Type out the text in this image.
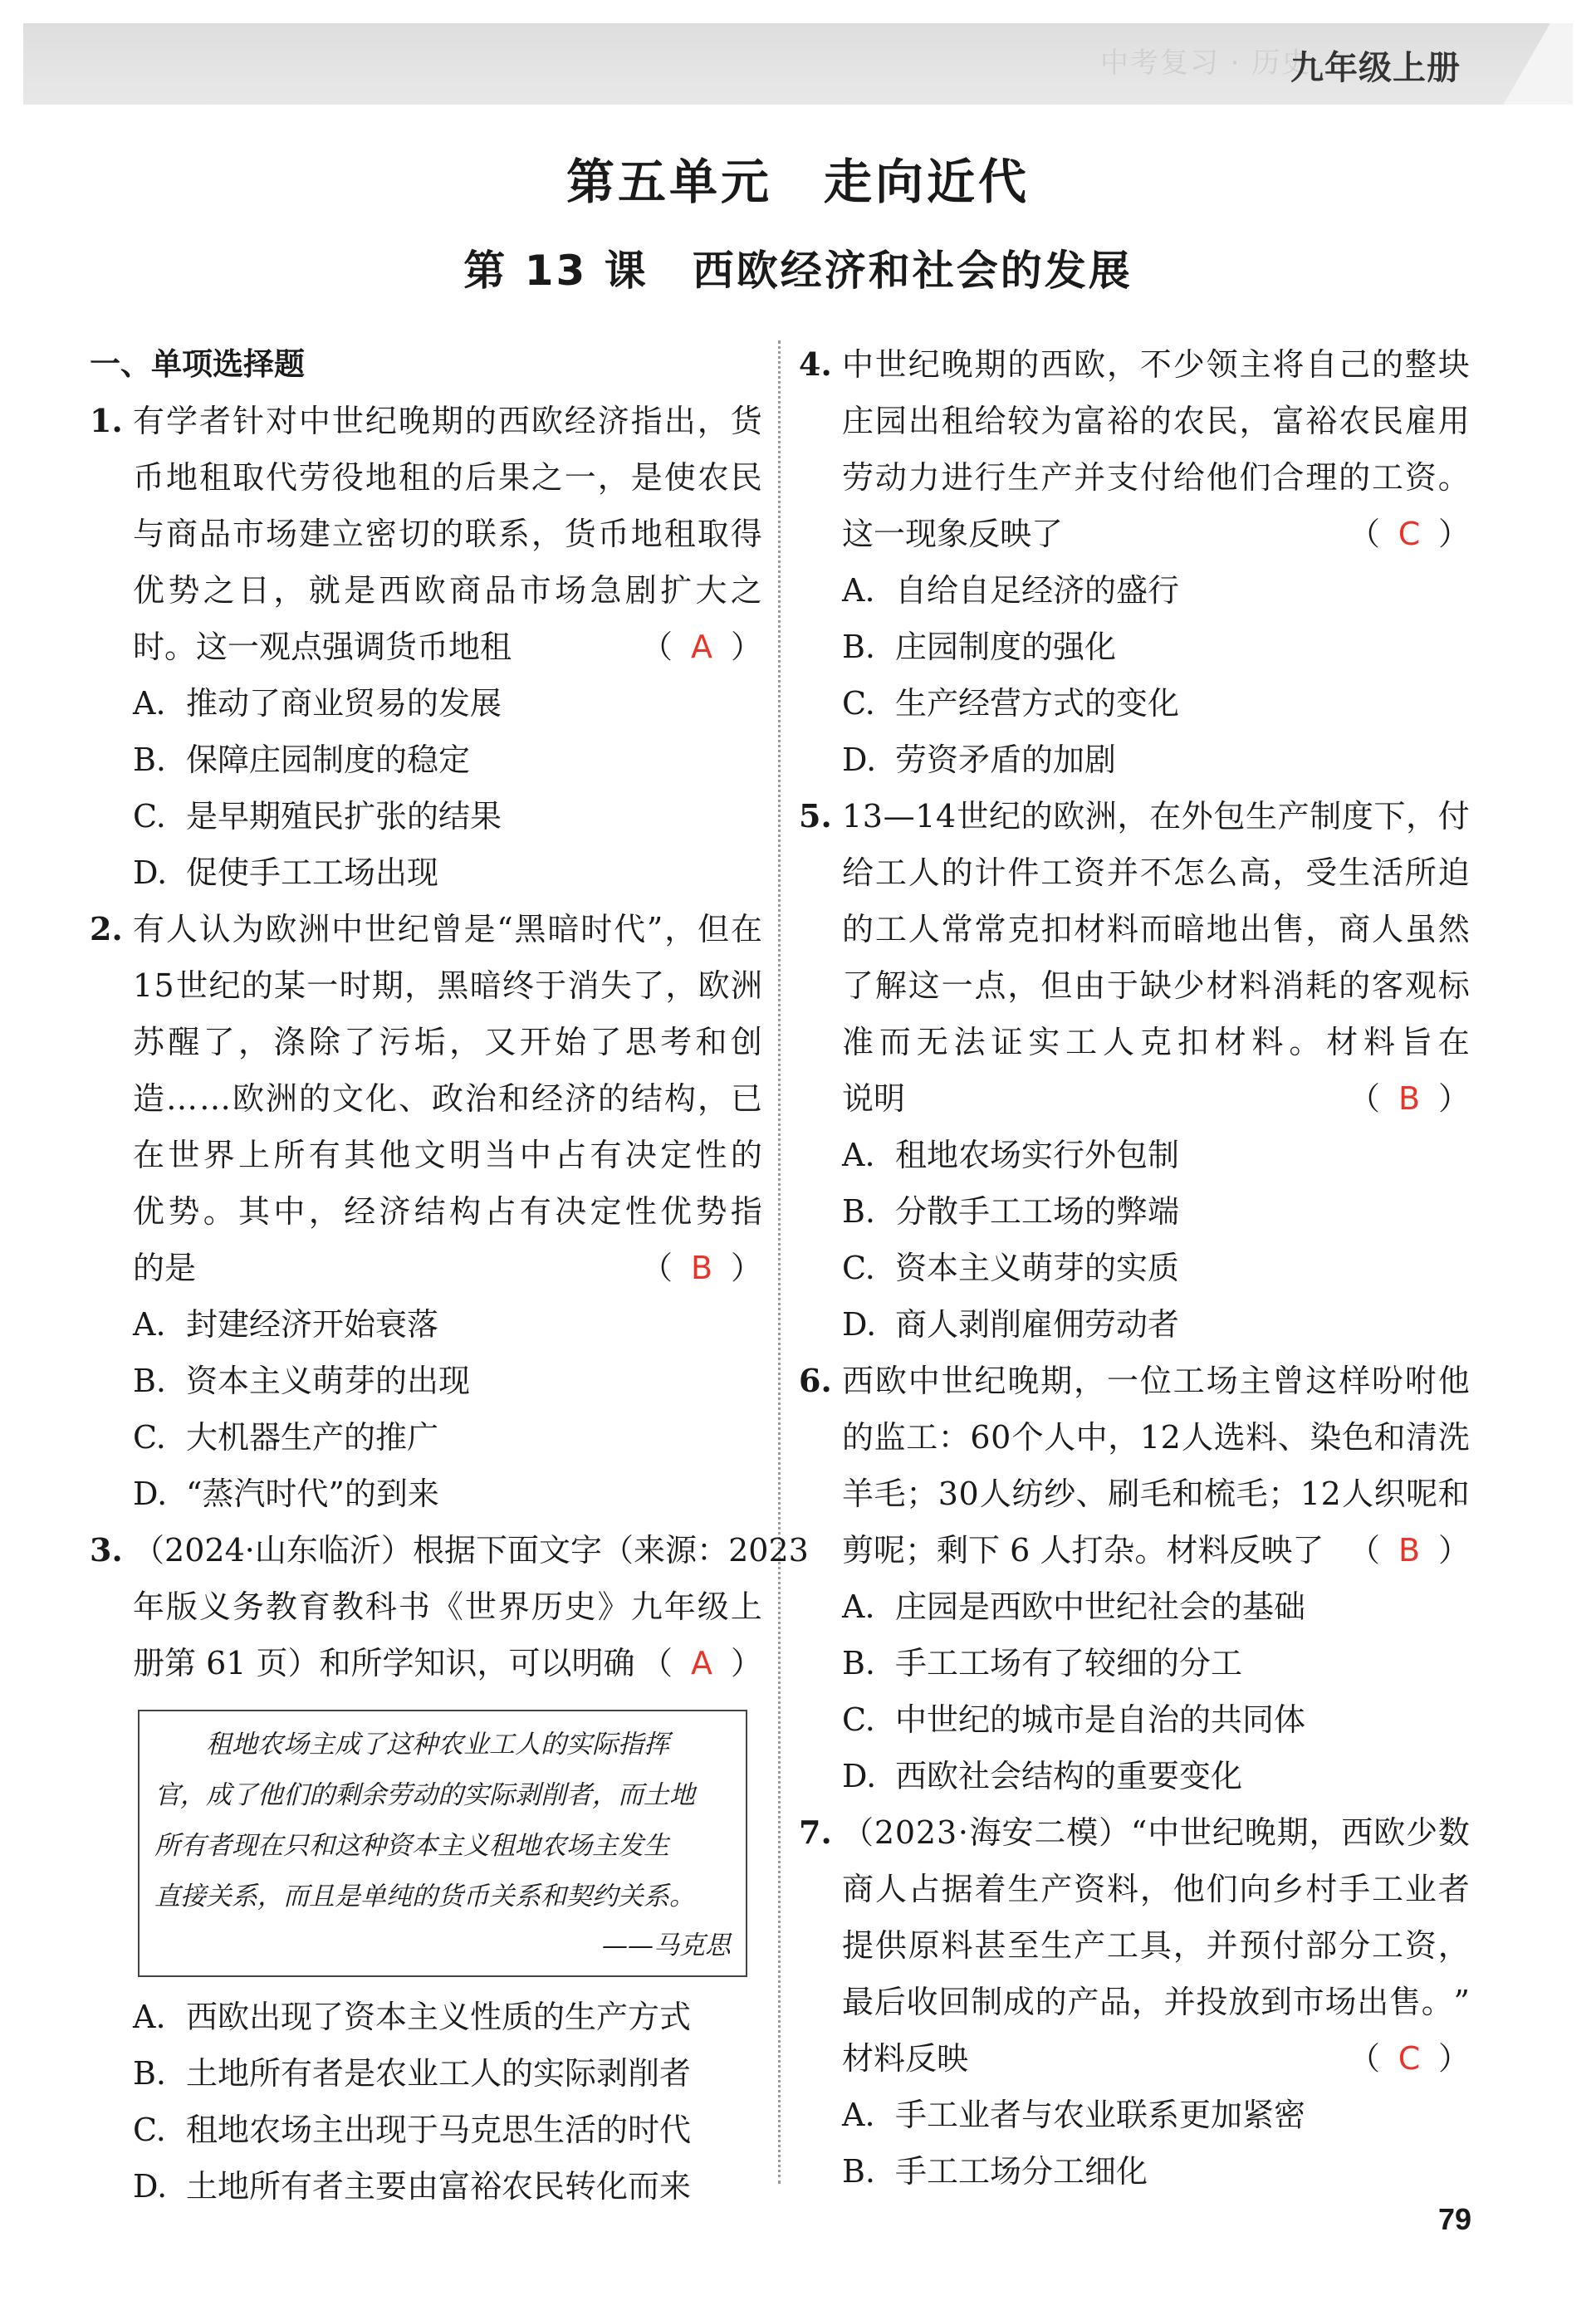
中考复习 · 历史
九年级上册
第五单元　走向近代
第 13 课　西欧经济和社会的发展
一、单项选择题
1. 有 学 者 针 对 中 世 纪 晚 期 的 西 欧 经 济 指 出 ， 货
币 地 租 取 代 劳 役 地 租 的 后 果 之 一 ， 是 使 农 民
与 商 品 市 场 建 立 密 切 的 联 系 ， 货 币 地 租 取 得
优 势 之 日 ， 就 是 西 欧 商 品 市 场 急 剧 扩 大 之
时。这一观点强调货币地租	（ A ）
A. 推动了商业贸易的发展
B. 保障庄园制度的稳定
C. 是早期殖民扩张的结果
D. 促使手工工场出现
2. 有 人 认 为 欧 洲 中 世 纪 曾 是 “ 黑 暗 时 代 ” ， 但 在
1 5 世 纪 的 某 一 时 期 ， 黑 暗 终 于 消 失 了 ， 欧 洲
苏 醒 了 ， 涤 除 了 污 垢 ， 又 开 始 了 思 考 和 创
造 … … 欧 洲 的 文 化 、 政 治 和 经 济 的 结 构 ， 已
在 世 界 上 所 有 其 他 文 明 当 中 占 有 决 定 性 的
优 势 。 其 中 ， 经 济 结 构 占 有 决 定 性 优 势 指
的是	（ B ）
A. 封建经济开始衰落
B. 资本主义萌芽的出现
C. 大机器生产的推广
D. “蒸汽时代”的到来
3. （ 2 0 2 4 · 山 东 临 沂 ） 根 据 下 面 文 字 （ 来 源 ： 2 0 2 3
年 版 义 务 教 育 教 科 书 《 世 界 历 史 》 九 年 级 上
册第 61 页）和所学知识，可以明确 （ A ）
　　租地农场主成了这种农业工人的实际指挥
官，成了他们的剩余劳动的实际剥削者，而土地
所有者现在只和这种资本主义租地农场主发生
直接关系，而且是单纯的货币关系和契约关系。
——马克思
A. 西欧出现了资本主义性质的生产方式
B. 土地所有者是农业工人的实际剥削者
C. 租地农场主出现于马克思生活的时代
D. 土地所有者主要由富裕农民转化而来
4. 中 世 纪 晚 期 的 西 欧 ， 不 少 领 主 将 自 己 的 整 块
庄 园 出 租 给 较 为 富 裕 的 农 民 ， 富 裕 农 民 雇 用
劳 动 力 进 行 生 产 并 支 付 给 他 们 合 理 的 工 资 。
这一现象反映了	（ C ）
A. 自给自足经济的盛行
B. 庄园制度的强化
C. 生产经营方式的变化
D. 劳资矛盾的加剧
5. 1 3 — 1 4 世 纪 的 欧 洲 ， 在 外 包 生 产 制 度 下 ， 付
给 工 人 的 计 件 工 资 并 不 怎 么 高 ， 受 生 活 所 迫
的 工 人 常 常 克 扣 材 料 而 暗 地 出 售 ， 商 人 虽 然
了 解 这 一 点 ， 但 由 于 缺 少 材 料 消 耗 的 客 观 标
准 而 无 法 证 实 工 人 克 扣 材 料 。 材 料 旨 在
说明	（ B ）
A. 租地农场实行外包制
B. 分散手工工场的弊端
C. 资本主义萌芽的实质
D. 商人剥削雇佣劳动者
6. 西 欧 中 世 纪 晚 期 ， 一 位 工 场 主 曾 这 样 吩 咐 他
的 监 工 ： 6 0 个 人 中 ， 1 2 人 选 料 、 染 色 和 清 洗
羊 毛 ； 3 0 人 纺 纱 、 刷 毛 和 梳 毛 ； 1 2 人 织 呢 和
剪呢；剩下 6 人打杂。材料反映了 （ B ）
A. 庄园是西欧中世纪社会的基础
B. 手工工场有了较细的分工
C. 中世纪的城市是自治的共同体
D. 西欧社会结构的重要变化
7. （ 2 0 2 3 · 海 安 二 模 ） “ 中 世 纪 晚 期 ， 西 欧 少 数
商 人 占 据 着 生 产 资 料 ， 他 们 向 乡 村 手 工 业 者
提 供 原 料 甚 至 生 产 工 具 ， 并 预 付 部 分 工 资 ，
最 后 收 回 制 成 的 产 品 ， 并 投 放 到 市 场 出 售 。 ”
材料反映	（ C ）
A. 手工业者与农业联系更加紧密
B. 手工工场分工细化
79
